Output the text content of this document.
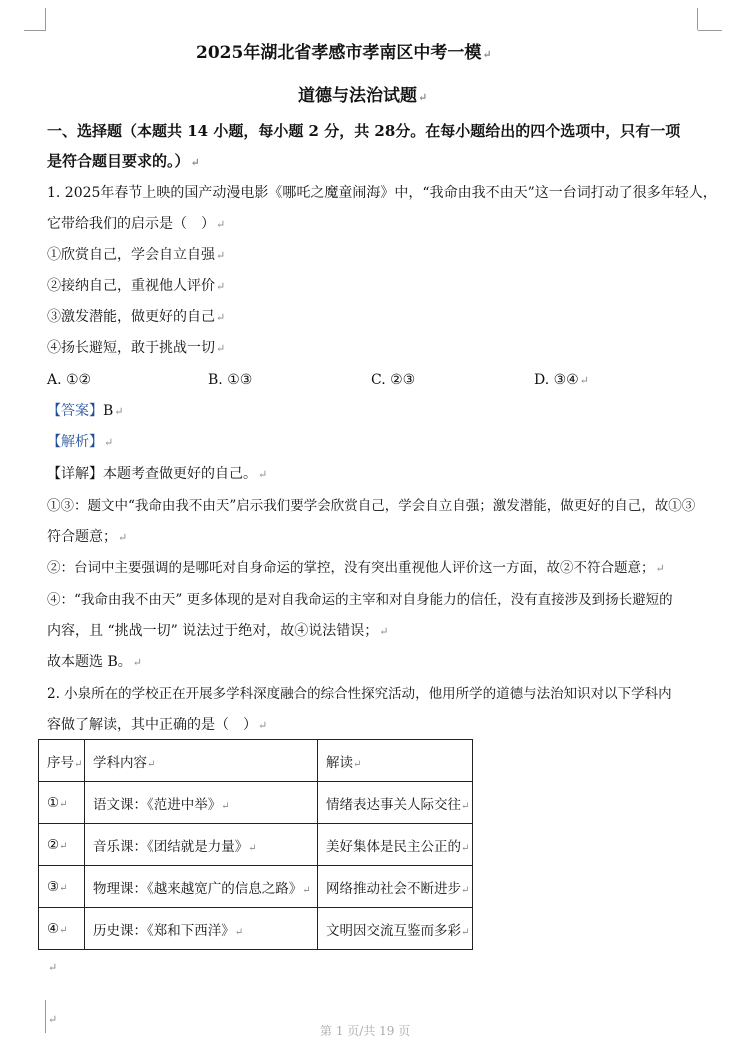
2025年湖北省孝感市孝南区中考一模↵
道德与法治试题↵
一、选择题（本题共 14 小题，每小题 2 分，共 28分。在每小题给出的四个选项中，只有一项
是符合题目要求的。）↵
1. 2025年春节上映的国产动漫电影《哪吒之魔童闹海》中，“我命由我不由天”这一台词打动了很多年轻人，
它带给我们的启示是（　）↵
①欣赏自己，学会自立自强↵
②接纳自己，重视他人评价↵
③激发潜能，做更好的自己↵
④扬长避短，敢于挑战一切↵
A. ①②	B. ①③	C. ②③	D. ③④↵
【答案】B↵
【解析】↵
【详解】本题考查做更好的自己。↵
①③：题文中“我命由我不由天”启示我们要学会欣赏自己，学会自立自强；激发潜能，做更好的自己，故①③
符合题意；↵
②：台词中主要强调的是哪吒对自身命运的掌控，没有突出重视他人评价这一方面，故②不符合题意；↵
④：“我命由我不由天” 更多体现的是对自我命运的主宰和对自身能力的信任，没有直接涉及到扬长避短的
内容，且 “挑战一切” 说法过于绝对，故④说法错误；↵
故本题选 B。↵
2. 小泉所在的学校正在开展多学科深度融合的综合性探究活动，他用所学的道德与法治知识对以下学科内
容做了解读，其中正确的是（　）↵
序号↵	学科内容↵	解读↵
①↵	语文课：《范进中举》↵	情绪表达事关人际交往↵
②↵	音乐课：《团结就是力量》↵	美好集体是民主公正的↵
③↵	物理课：《越来越宽广的信息之路》↵	网络推动社会不断进步↵
④↵	历史课：《郑和下西洋》↵	文明因交流互鉴而多彩↵
↵
第 1 页/共 19 页
↵
